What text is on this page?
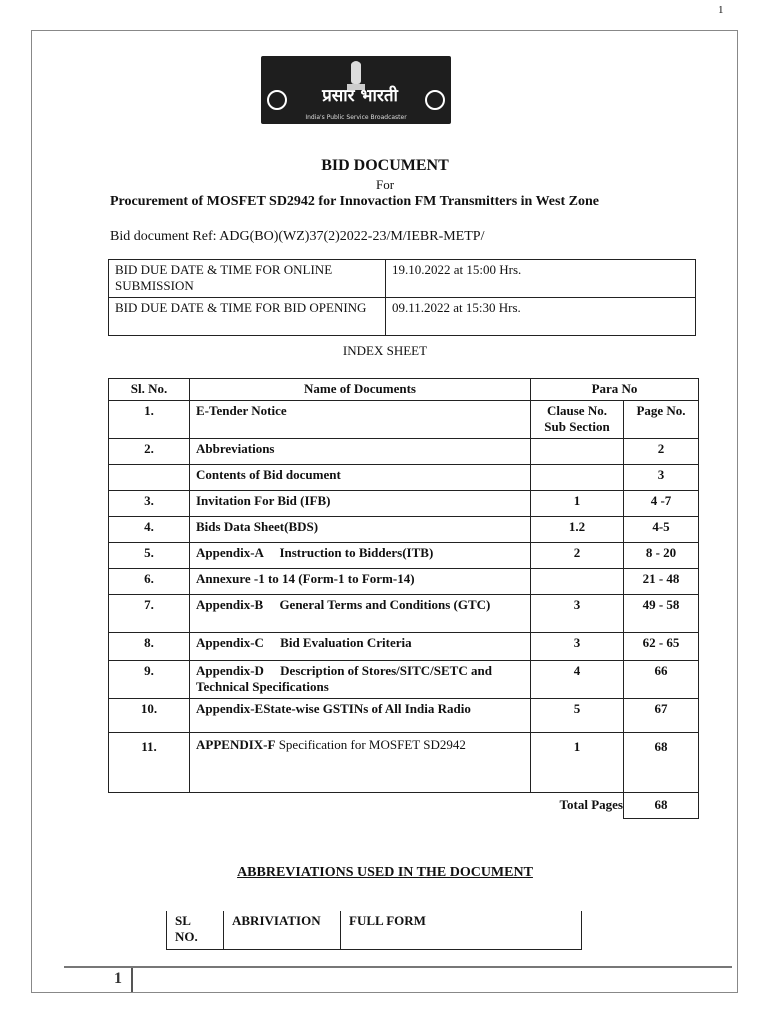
1
प्रसार भारती
India's Public Service Broadcaster
BID DOCUMENT
For
Procurement of MOSFET SD2942 for Innovaction FM Transmitters in West Zone
Bid document Ref: ADG(BO)(WZ)37(2)2022-23/M/IEBR-METP/
BID DUE DATE & TIME FOR ONLINE SUBMISSION	19.10.2022 at 15:00 Hrs.
BID DUE DATE & TIME FOR BID OPENING	09.11.2022 at 15:30 Hrs.
INDEX SHEET
Sl. No.	Name of Documents	Para No	
1.	E-Tender Notice	Clause No. Sub Section	Page No.
2.	Abbreviations		2
	Contents of Bid document		3
3.	Invitation For Bid (IFB)	1	4 -7
4.	Bids Data Sheet(BDS)	1.2	4-5
5.	Appendix-A     Instruction to Bidders(ITB)	2	8 - 20
6.	Annexure -1 to 14 (Form-1 to Form-14)		21 - 48
7.	Appendix-B     General Terms and Conditions (GTC)	3	49 - 58
8.	Appendix-C     Bid Evaluation Criteria	3	62 - 65
9.	Appendix-D     Description of Stores/SITC/SETC and Technical Specifications	4	66
10.	Appendix-EState-wise GSTINs of All India Radio	5	67
11.	APPENDIX-F Specification for MOSFET SD2942	1	68
		Total Pages	68
ABBREVIATIONS USED IN THE DOCUMENT
SL NO.	ABRIVIATION	FULL FORM
1
